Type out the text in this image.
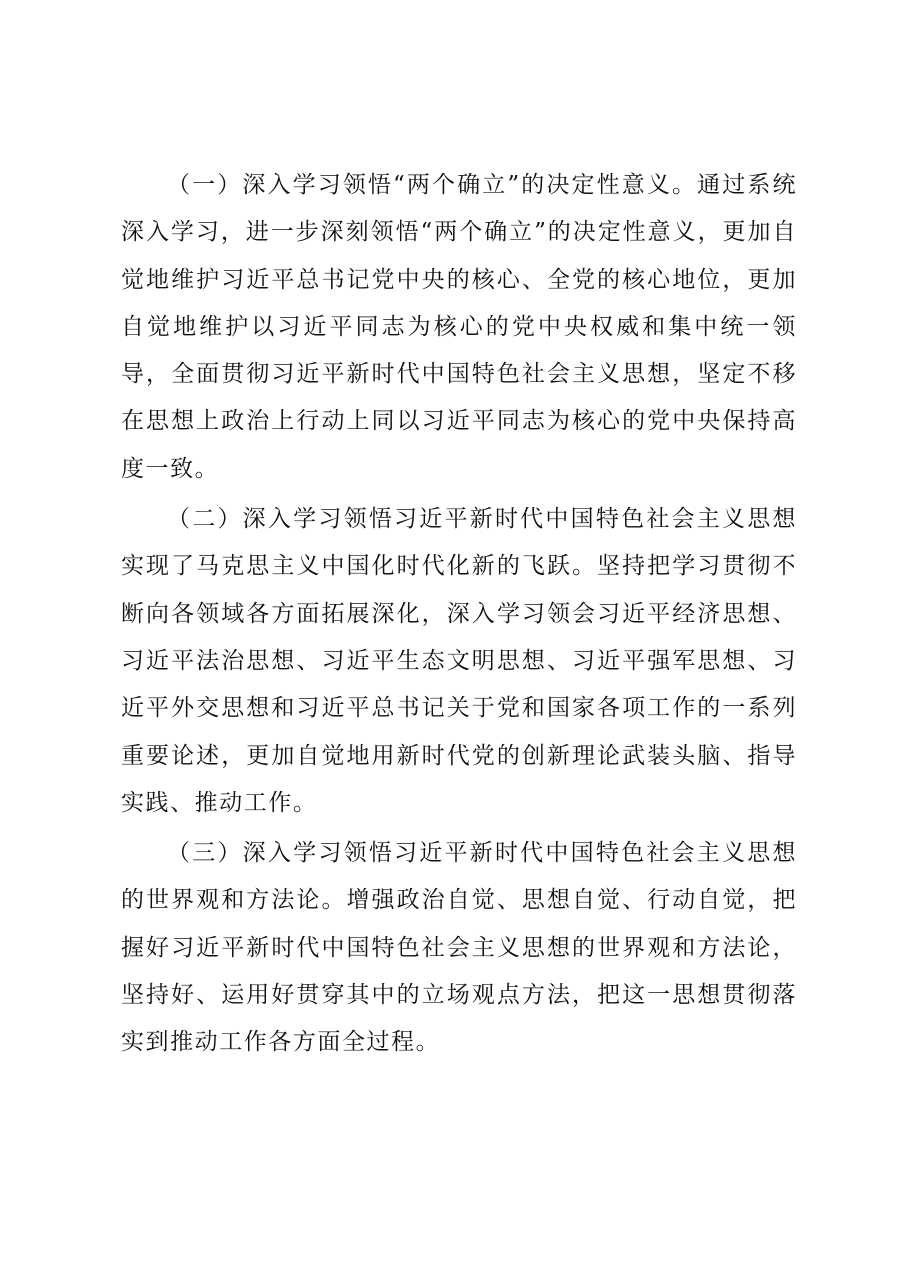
（一）深入学习领悟“两个确立”的决定性意义。通过系统深入学习，进一步深刻领悟“两个确立”的决定性意义，更加自觉地维护习近平总书记党中央的核心、全党的核心地位，更加自觉地维护以习近平同志为核心的党中央权威和集中统一领导，全面贯彻习近平新时代中国特色社会主义思想，坚定不移在思想上政治上行动上同以习近平同志为核心的党中央保持高度一致。

（二）深入学习领悟习近平新时代中国特色社会主义思想实现了马克思主义中国化时代化新的飞跃。坚持把学习贯彻不断向各领域各方面拓展深化，深入学习领会习近平经济思想、习近平法治思想、习近平生态文明思想、习近平强军思想、习近平外交思想和习近平总书记关于党和国家各项工作的一系列重要论述，更加自觉地用新时代党的创新理论武装头脑、指导实践、推动工作。

（三）深入学习领悟习近平新时代中国特色社会主义思想的世界观和方法论。增强政治自觉、思想自觉、行动自觉，把握好习近平新时代中国特色社会主义思想的世界观和方法论，坚持好、运用好贯穿其中的立场观点方法，把这一思想贯彻落实到推动工作各方面全过程。
